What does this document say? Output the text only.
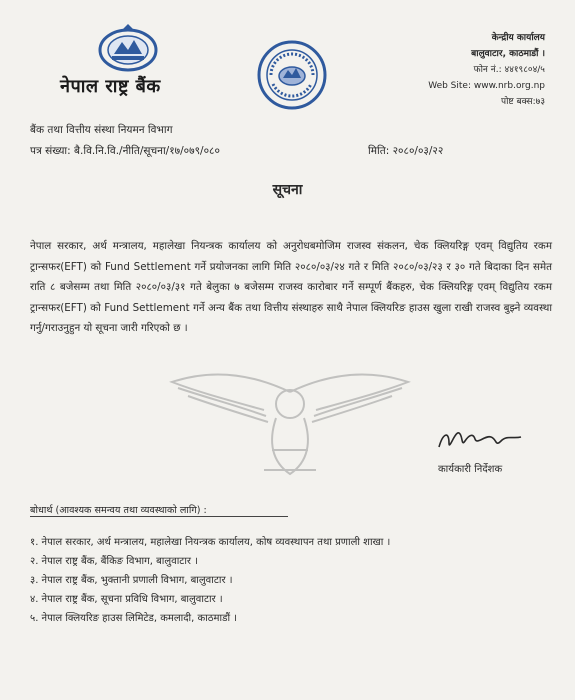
नेपाल राष्ट्र बैंक
केन्द्रीय कार्यालय
बालुवाटार, काठमाडौं ।
फोन नं.: ४४१९८०४/५
Web Site: www.nrb.org.np
पोष्ट बक्स:७३
बैंक तथा वित्तीय संस्था नियमन विभाग
पत्र संख्या: बै.वि.नि.वि./नीति/सूचना/१७/०७९/०८०	मिति: २०८०/०३/२२
सूचना
नेपाल सरकार, अर्थ मन्त्रालय, महालेखा नियन्त्रक कार्यालय को अनुरोधबमोजिम राजस्व संकलन, चेक क्लियरिङ्ग एवम् विद्युतिय रकम ट्रान्सफर(EFT) को Fund Settlement गर्ने प्रयोजनका लागि मिति २०८०/०३/२४ गते र मिति २०८०/०३/२३ र ३० गते बिदाका दिन समेत राति ८ बजेसम्म तथा मिति २०८०/०३/३१ गते बेलुका ७ बजेसम्म राजस्व कारोबार गर्ने सम्पूर्ण बैंकहरु, चेक क्लियरिङ्ग एवम् विद्युतिय रकम ट्रान्सफर(EFT) को Fund Settlement गर्ने अन्य बैंक तथा वित्तीय संस्थाहरु साथै नेपाल क्लियरिङ हाउस खुला राखी राजस्व बुझ्ने व्यवस्था गर्नु/गराउनुहुन यो सूचना जारी गरिएको छ ।
कार्यकारी निर्देशक
बोधार्थ (आवश्यक समन्वय तथा व्यवस्थाको लागि) :
१. नेपाल सरकार, अर्थ मन्त्रालय, महालेखा नियन्त्रक कार्यालय, कोष व्यवस्थापन तथा प्रणाली शाखा ।
२. नेपाल राष्ट्र बैंक, बैंकिङ विभाग, बालुवाटार ।
३. नेपाल राष्ट्र बैंक, भुक्तानी प्रणाली विभाग, बालुवाटार ।
४. नेपाल राष्ट्र बैंक, सूचना प्रविधि विभाग, बालुवाटार ।
५. नेपाल क्लियरिङ हाउस लिमिटेड, कमलादी, काठमाडौं ।
